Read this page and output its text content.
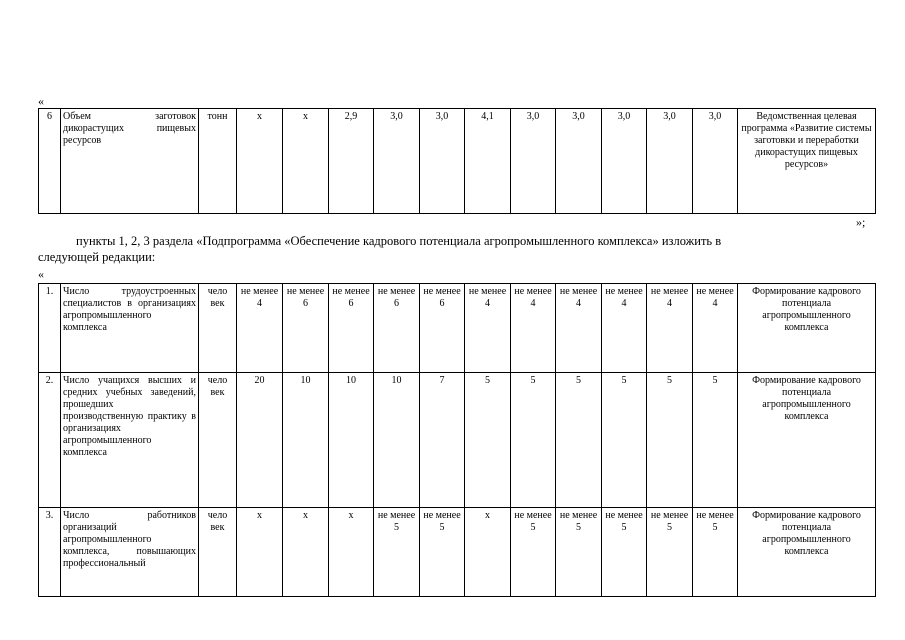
«
6	Объем заготовок дикорастущих пищевых ресурсов	тонн	х	х	2,9	3,0	3,0	4,1	3,0	3,0	3,0	3,0	3,0	Ведомственная целевая программа «Развитие системы заготовки и переработки дикорастущих пищевых ресурсов»
»;
пункты 1, 2, 3 раздела «Подпрограмма «Обеспечение кадрового потенциала агропромышленного комплекса» изложить в
следующей редакции:
«
1.	Число трудоустроенных специалистов в организациях агропромышленного комплекса	чело век	не менее 4	не менее 6	не менее 6	не менее 6	не менее 6	не менее 4	не менее 4	не менее 4	не менее 4	не менее 4	не менее 4	Формирование кадрового потенциала агропромышленного комплекса
2.	Число учащихся высших и средних учебных заведений, прошедших производственную практику в организациях агропромышленного комплекса	чело век	20	10	10	10	7	5	5	5	5	5	5	Формирование кадрового потенциала агропромышленного комплекса
3.	Число работников организаций агропромышленного комплекса, повышающих профессиональный	чело век	х	х	х	не менее 5	не менее 5	х	не менее 5	не менее 5	не менее 5	не менее 5	не менее 5	Формирование кадрового потенциала агропромышленного комплекса
